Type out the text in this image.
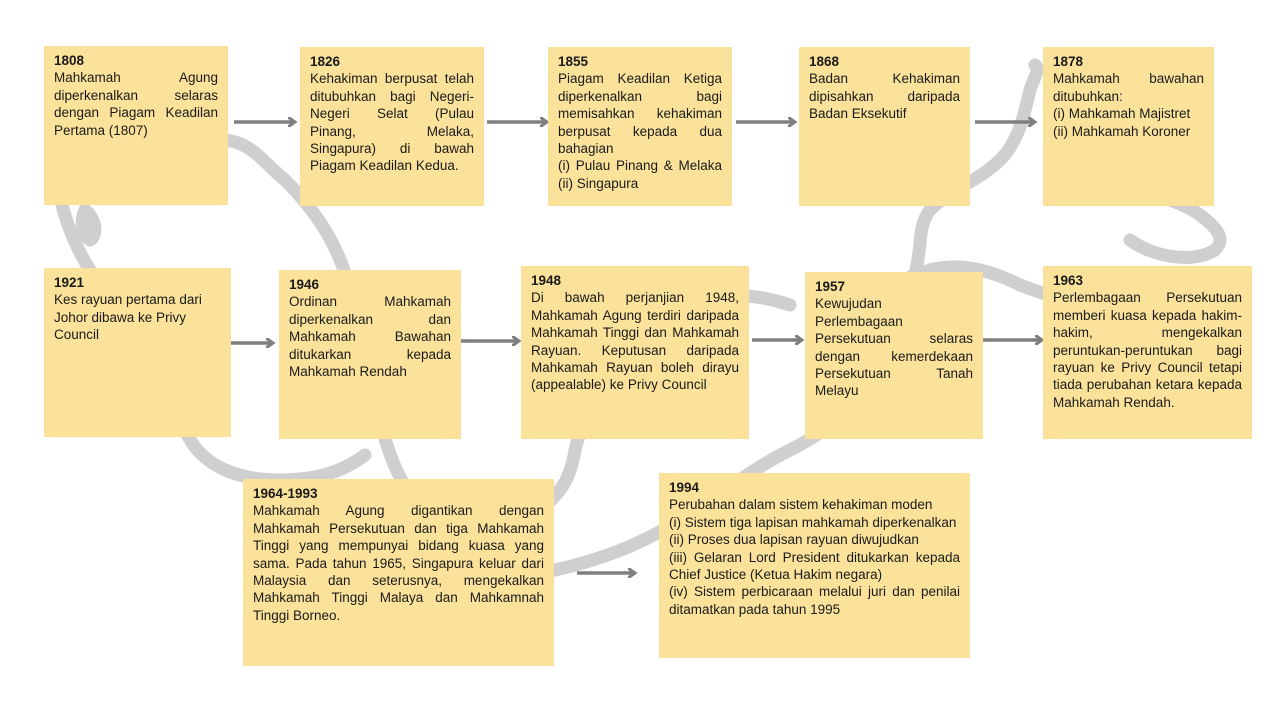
1808
Mahkamah Agung diperkenalkan selaras dengan Piagam Keadilan Pertama (1807)
1826
Kehakiman berpusat telah ditubuhkan bagi Negeri-Negeri Selat (Pulau Pinang, Melaka, Singapura) di bawah Piagam Keadilan Kedua.
1855
Piagam Keadilan Ketiga diperkenalkan bagi memisahkan kehakiman berpusat kepada dua bahagian
(i) Pulau Pinang & Melaka (ii) Singapura
1868
Badan Kehakiman dipisahkan daripada Badan Eksekutif
1878
Mahkamah bawahan ditubuhkan:
(i) Mahkamah Majistret
(ii) Mahkamah Koroner
1921
Kes rayuan pertama dari Johor dibawa ke Privy Council
1946
Ordinan Mahkamah diperkenalkan dan Mahkamah Bawahan ditukarkan kepada Mahkamah Rendah
1948
Di bawah perjanjian 1948, Mahkamah Agung terdiri daripada Mahkamah Tinggi dan Mahkamah Rayuan. Keputusan daripada Mahkamah Rayuan boleh dirayu (appealable) ke Privy Council
1957
Kewujudan Perlembagaan Persekutuan selaras dengan kemerdekaan Persekutuan Tanah Melayu
1963
Perlembagaan Persekutuan memberi kuasa kepada hakim-hakim, mengekalkan peruntukan-peruntukan bagi rayuan ke Privy Council tetapi tiada perubahan ketara kepada Mahkamah Rendah.
1964-1993
Mahkamah Agung digantikan dengan Mahkamah Persekutuan dan tiga Mahkamah Tinggi yang mempunyai bidang kuasa yang sama. Pada tahun 1965, Singapura keluar dari Malaysia dan seterusnya, mengekalkan Mahkamah Tinggi Malaya dan Mahkamnah Tinggi Borneo.
1994
Perubahan dalam sistem kehakiman moden
(i) Sistem tiga lapisan mahkamah diperkenalkan
(ii) Proses dua lapisan rayuan diwujudkan
(iii) Gelaran Lord President ditukarkan kepada Chief Justice (Ketua Hakim negara)
(iv) Sistem perbicaraan melalui juri dan penilai ditamatkan pada tahun 1995
